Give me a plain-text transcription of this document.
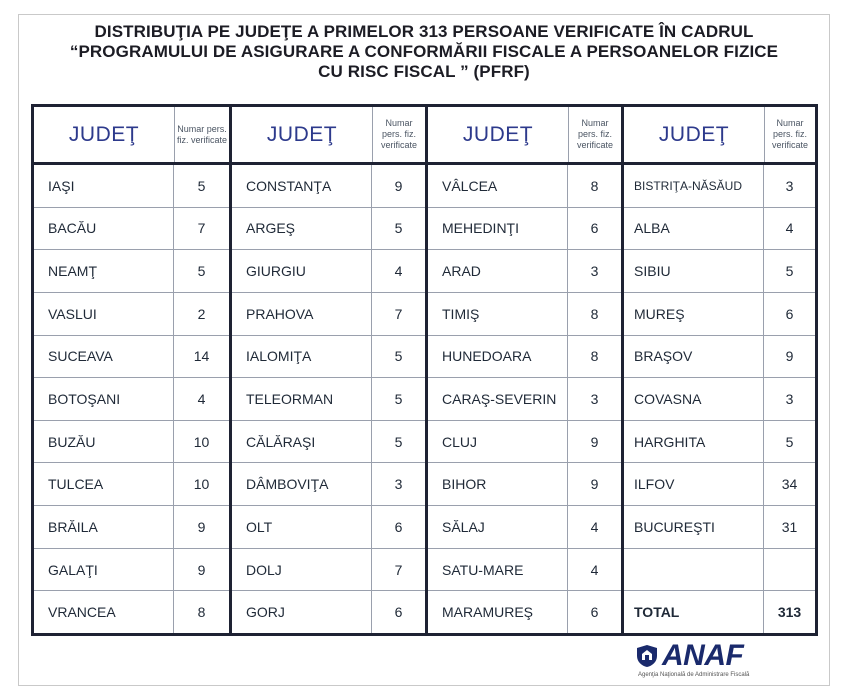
DISTRIBUŢIA PE JUDEŢE A PRIMELOR 313 PERSOANE VERIFICATE ÎN CADRUL
“PROGRAMULUI DE ASIGURARE A CONFORMĂRII FISCALE A PERSOANELOR FIZICE
CU RISC FISCAL ” (PFRF)
JUDEŢ	Numar pers. fiz. verificate
IAŞI	5
BACĂU	7
NEAMŢ	5
VASLUI	2
SUCEAVA	14
BOTOŞANI	4
BUZĂU	10
TULCEA	10
BRĂILA	9
GALAŢI	9
VRANCEA	8
JUDEŢ	Numar pers. fiz. verificate
CONSTANŢA	9
ARGEŞ	5
GIURGIU	4
PRAHOVA	7
IALOMIŢA	5
TELEORMAN	5
CĂLĂRAŞI	5
DÂMBOVIŢA	3
OLT	6
DOLJ	7
GORJ	6
JUDEŢ	Numar pers. fiz. verificate
VÂLCEA	8
MEHEDINŢI	6
ARAD	3
TIMIŞ	8
HUNEDOARA	8
CARAŞ-SEVERIN	3
CLUJ	9
BIHOR	9
SĂLAJ	4
SATU-MARE	4
MARAMUREŞ	6
JUDEŢ	Numar pers. fiz. verificate
BISTRIŢA-NĂSĂUD	3
ALBA	4
SIBIU	5
MUREŞ	6
BRAŞOV	9
COVASNA	3
HARGHITA	5
ILFOV	34
BUCUREŞTI	31
TOTAL	313
ANAF
Agenţia Naţională de Administrare Fiscală
